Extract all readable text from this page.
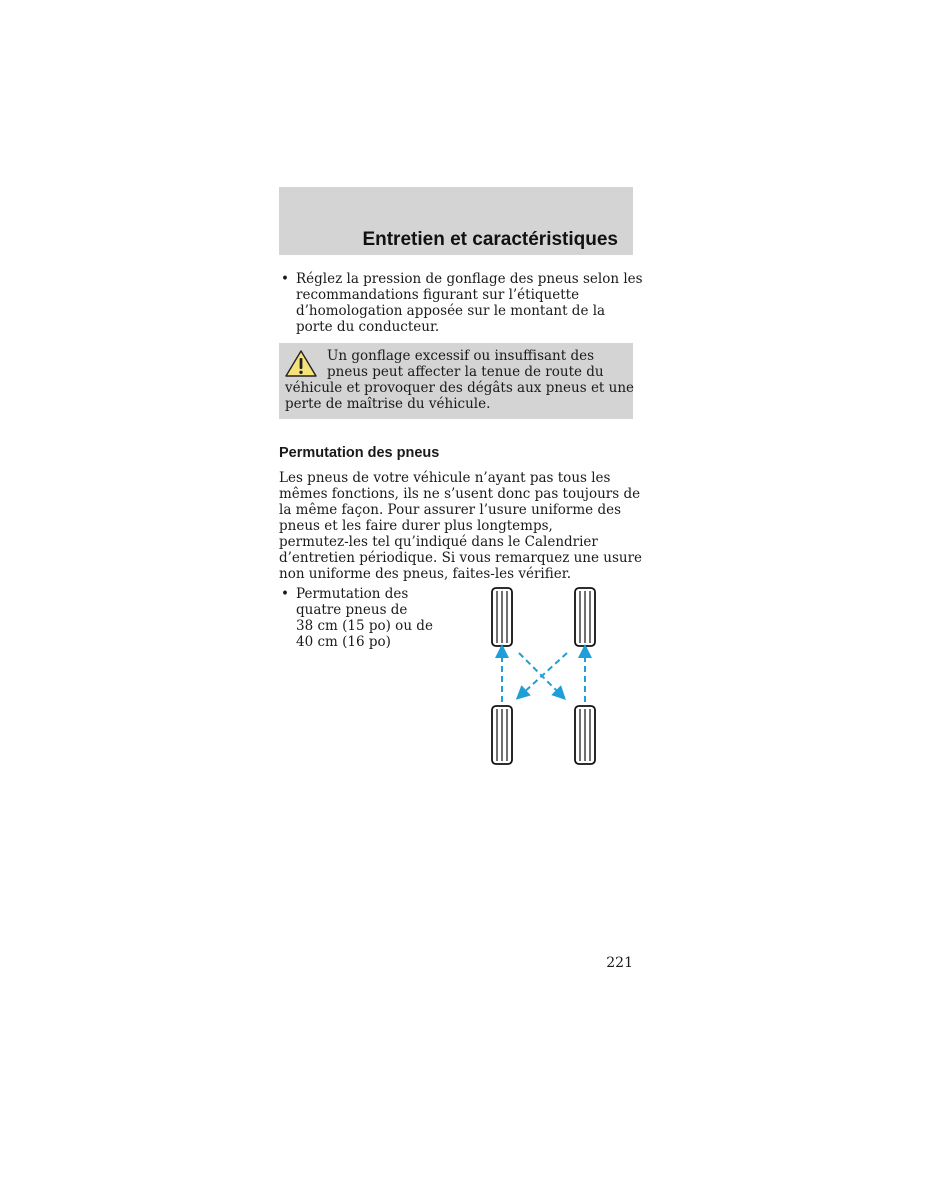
Entretien et caractéristiques
• Réglez la pression de gonflage des pneus selon les
recommandations figurant sur l’étiquette
d’homologation apposée sur le montant de la
porte du conducteur.
Un gonflage excessif ou insuffisant des
pneus peut affecter la tenue de route du
véhicule et provoquer des dégâts aux pneus et une
perte de maîtrise du véhicule.
Permutation des pneus
Les pneus de votre véhicule n’ayant pas tous les
mêmes fonctions, ils ne s’usent donc pas toujours de
la même façon. Pour assurer l’usure uniforme des
pneus et les faire durer plus longtemps,
permutez-les tel qu’indiqué dans le Calendrier
d’entretien périodique. Si vous remarquez une usure
non uniforme des pneus, faites-les vérifier.
• Permutation des
quatre pneus de
38 cm (15 po) ou de
40 cm (16 po)
221
